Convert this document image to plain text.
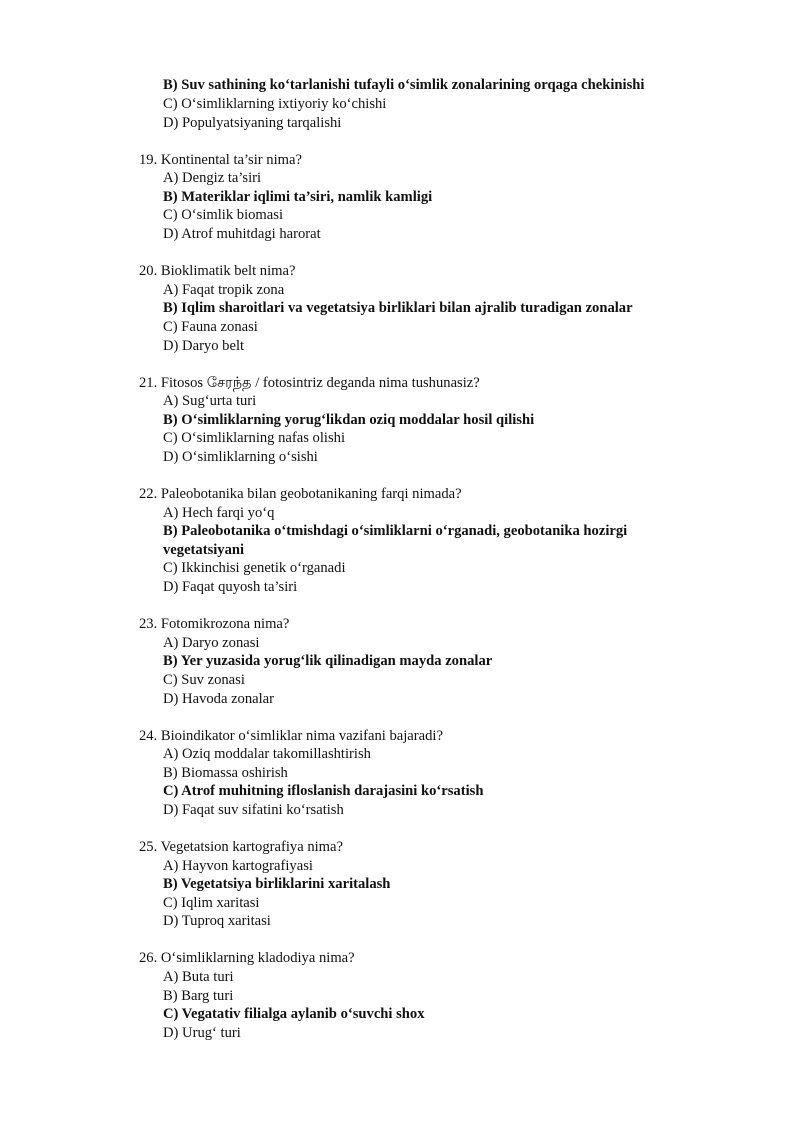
B) Suv sathining ko‘tarlanishi tufayli o‘simlik zonalarining orqaga chekinishi
C) O‘simliklarning ixtiyoriy ko‘chishi
D) Populyatsiyaning tarqalishi
19. Kontinental ta’sir nima?
A) Dengiz ta’siri
B) Materiklar iqlimi ta’siri, namlik kamligi
C) O‘simlik biomasi
D) Atrof muhitdagi harorat
20. Bioklimatik belt nima?
A) Faqat tropik zona
B) Iqlim sharoitlari va vegetatsiya birliklari bilan ajralib turadigan zonalar
C) Fauna zonasi
D) Daryo belt
21. Fitosos சேரந்த / fotosintriz deganda nima tushunasiz?
A) Sug‘urta turi
B) O‘simliklarning yorug‘likdan oziq moddalar hosil qilishi
C) O‘simliklarning nafas olishi
D) O‘simliklarning o‘sishi
22. Paleobotanika bilan geobotanikaning farqi nimada?
A) Hech farqi yo‘q
B) Paleobotanika o‘tmishdagi o‘simliklarni o‘rganadi, geobotanika hozirgi
vegetatsiyani
C) Ikkinchisi genetik o‘rganadi
D) Faqat quyosh ta’siri
23. Fotomikrozona nima?
A) Daryo zonasi
B) Yer yuzasida yorug‘lik qilinadigan mayda zonalar
C) Suv zonasi
D) Havoda zonalar
24. Bioindikator o‘simliklar nima vazifani bajaradi?
A) Oziq moddalar takomillashtirish
B) Biomassa oshirish
C) Atrof muhitning ifloslanish darajasini ko‘rsatish
D) Faqat suv sifatini ko‘rsatish
25. Vegetatsion kartografiya nima?
A) Hayvon kartografiyasi
B) Vegetatsiya birliklarini xaritalash
C) Iqlim xaritasi
D) Tuproq xaritasi
26. O‘simliklarning kladodiya nima?
A) Buta turi
B) Barg turi
C) Vegatativ filialga aylanib o‘suvchi shox
D) Urug‘ turi
